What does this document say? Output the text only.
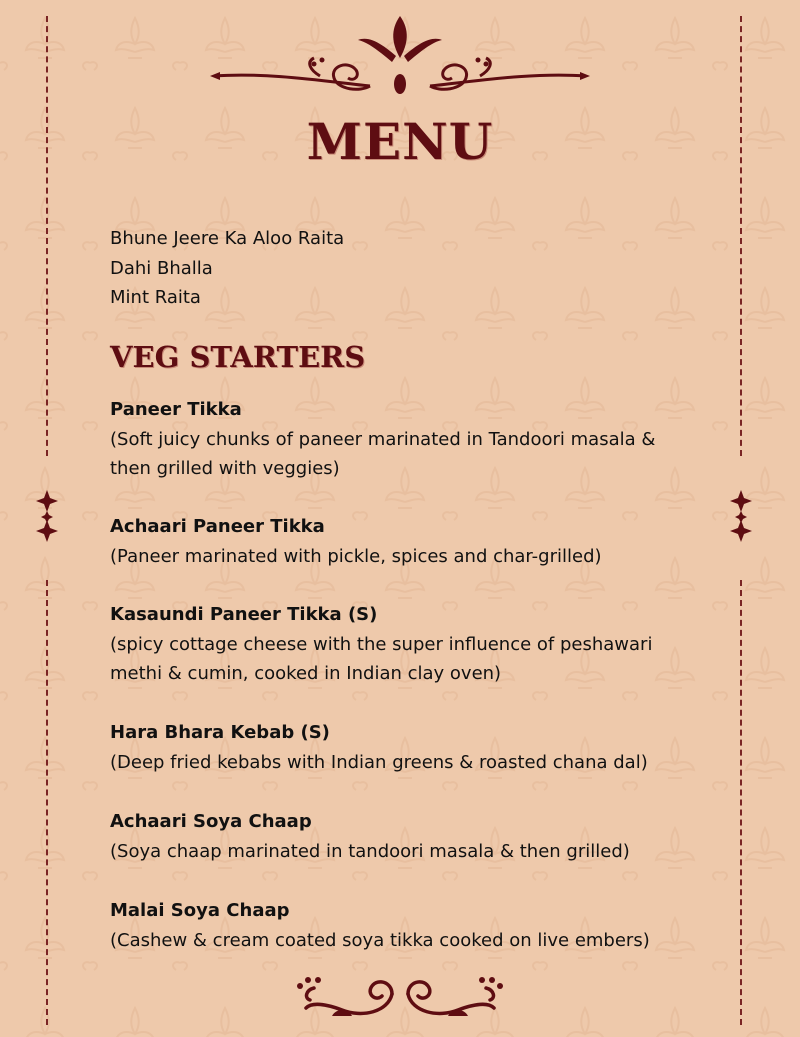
MENU
Bhune Jeere Ka Aloo Raita
Dahi Bhalla
Mint Raita
VEG STARTERS
Paneer Tikka
(Soft juicy chunks of paneer marinated in Tandoori masala & then grilled with veggies)
Achaari Paneer Tikka
(Paneer marinated with pickle, spices and char-grilled)
Kasaundi Paneer Tikka (S)
(spicy cottage cheese with the super influence of peshawari methi & cumin, cooked in Indian clay oven)
Hara Bhara Kebab (S)
(Deep fried kebabs with Indian greens & roasted chana dal)
Achaari Soya Chaap
(Soya chaap marinated in tandoori masala & then grilled)
Malai Soya Chaap
(Cashew & cream coated soya tikka cooked on live embers)
